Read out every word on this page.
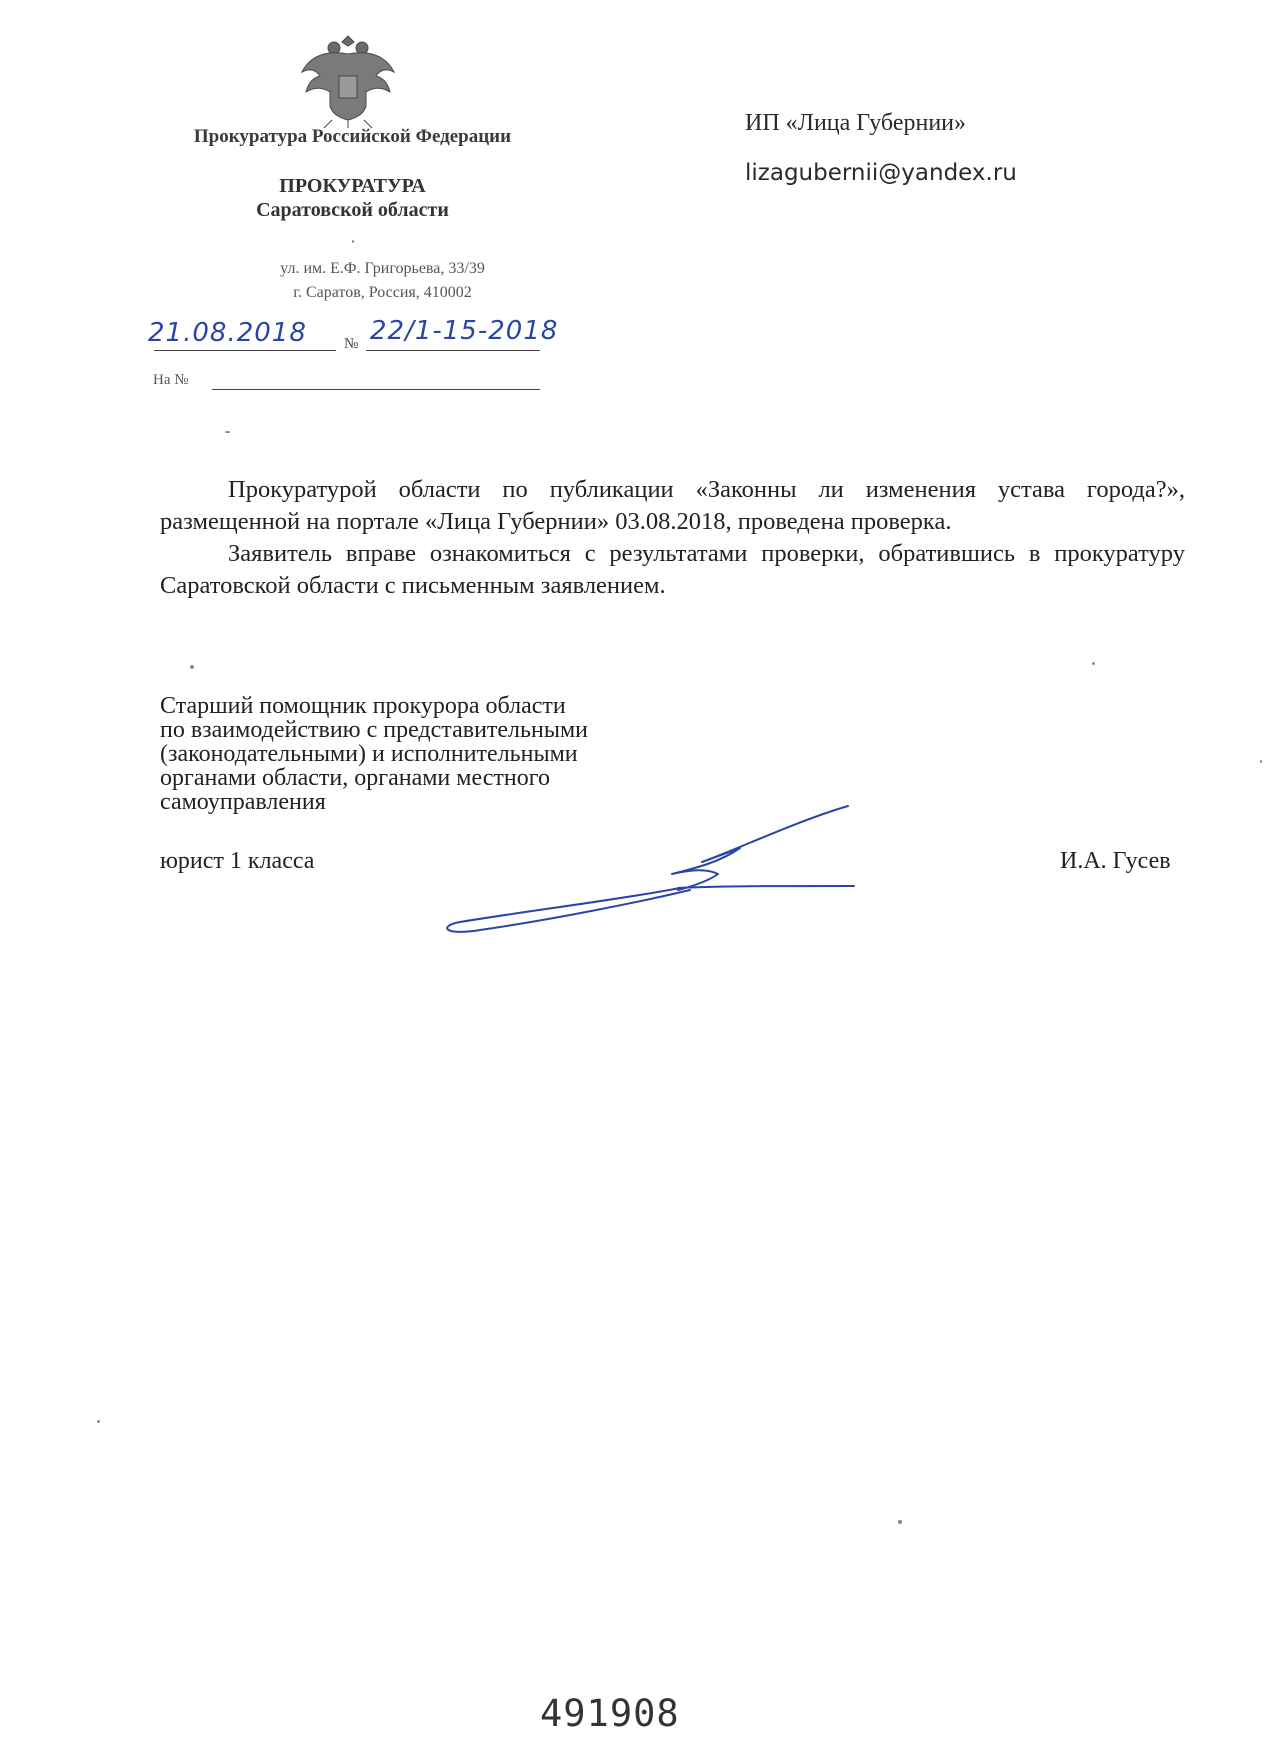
Прокуратура Российской Федерации
ПРОКУРАТУРА
Саратовской области
ул. им. Е.Ф. Григорьева, 33/39
г. Саратов, Россия, 410002
21.08.2018 № 22/1-15-2018
На №
ИП «Лица Губернии»
lizagubernii@yandex.ru

Прокуратурой области по публикации «Законны ли изменения устава города?», размещенной на портале «Лица Губернии» 03.08.2018, проведена проверка.

Заявитель вправе ознакомиться с результатами проверки, обратившись в прокуратуру Саратовской области с письменным заявлением.

Старший помощник прокурора области
по взаимодействию с представительными
(законодательными) и исполнительными
органами области, органами местного
самоуправления
юрист 1 класса	И.А. Гусев
491908
